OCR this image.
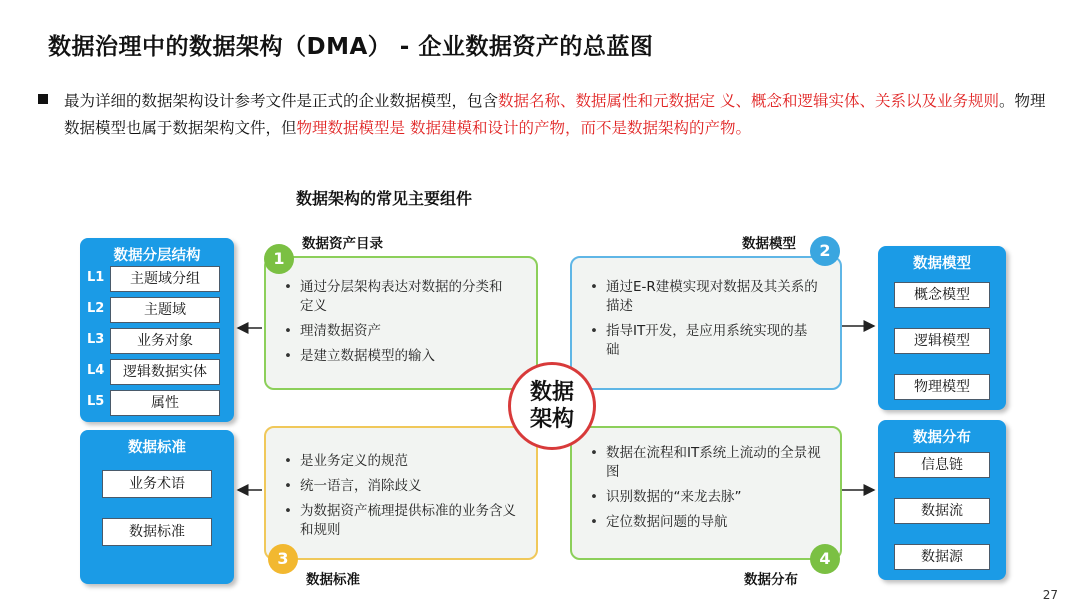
数据治理中的数据架构（DMA） - 企业数据资产的总蓝图
最为详细的数据架构设计参考文件是正式的企业数据模型，包含数据名称、数据属性和元数据定 义、概念和逻辑实体、关系以及业务规则。物理数据模型也属于数据架构文件，但物理数据模型是 数据建模和设计的产物，而不是数据架构的产物。
数据架构的常见主要组件
数据分层结构
L1	主题域分组
L2	主题域
L3	业务对象
L4	逻辑数据实体
L5	属性
数据标准
业务术语
数据标准
数据模型
概念模型
逻辑模型
物理模型
数据分布
信息链
数据流
数据源
数据资产目录
• 通过分层架构表达对数据的分类和定义
• 理清数据资产
• 是建立数据模型的输入
1
数据模型
• 通过E-R建模实现对数据及其关系的描述
• 指导IT开发，是应用系统实现的基础
2
• 是业务定义的规范
• 统一语言，消除歧义
• 为数据资产梳理提供标准的业务含义和规则
3
数据标准
• 数据在流程和IT系统上流动的全景视图
• 识别数据的“来龙去脉”
• 定位数据问题的导航
4
数据分布
数据
架构
27
